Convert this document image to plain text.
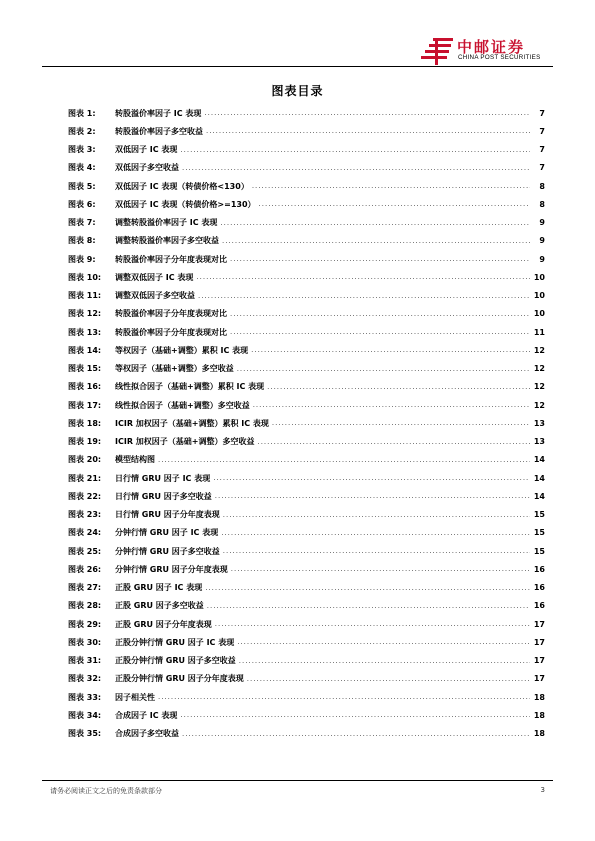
中邮证券
CHINA POST SECURITIES
图表目录
图表 1:	转股溢价率因子 IC 表现 .....	7
图表 2:	转股溢价率因子多空收益 .....	7
图表 3:	双低因子 IC 表现 .....	7
图表 4:	双低因子多空收益 .....	7
图表 5:	双低因子 IC 表现（转债价格<130） .....	8
图表 6:	双低因子 IC 表现（转债价格>=130） .....	8
图表 7:	调整转股溢价率因子 IC 表现 .....	9
图表 8:	调整转股溢价率因子多空收益 .....	9
图表 9:	转股溢价率因子分年度表现对比 .....	9
图表 10:	调整双低因子 IC 表现 .....	10
图表 11:	调整双低因子多空收益 .....	10
图表 12:	转股溢价率因子分年度表现对比 .....	10
图表 13:	转股溢价率因子分年度表现对比 .....	11
图表 14:	等权因子（基础+调整）累积 IC 表现 .....	12
图表 15:	等权因子（基础+调整）多空收益 .....	12
图表 16:	线性拟合因子（基础+调整）累积 IC 表现 .....	12
图表 17:	线性拟合因子（基础+调整）多空收益 .....	12
图表 18:	ICIR 加权因子（基础+调整）累积 IC 表现 .....	13
图表 19:	ICIR 加权因子（基础+调整）多空收益 .....	13
图表 20:	模型结构图 .....	14
图表 21:	日行情 GRU 因子 IC 表现 .....	14
图表 22:	日行情 GRU 因子多空收益 .....	14
图表 23:	日行情 GRU 因子分年度表现 .....	15
图表 24:	分钟行情 GRU 因子 IC 表现 .....	15
图表 25:	分钟行情 GRU 因子多空收益 .....	15
图表 26:	分钟行情 GRU 因子分年度表现 .....	16
图表 27:	正股 GRU 因子 IC 表现 .....	16
图表 28:	正股 GRU 因子多空收益 .....	16
图表 29:	正股 GRU 因子分年度表现 .....	17
图表 30:	正股分钟行情 GRU 因子 IC 表现 .....	17
图表 31:	正股分钟行情 GRU 因子多空收益 .....	17
图表 32:	正股分钟行情 GRU 因子分年度表现 .....	17
图表 33:	因子相关性 .....	18
图表 34:	合成因子 IC 表现 .....	18
图表 35:	合成因子多空收益 .....	18
请务必阅读正文之后的免责条款部分	3
